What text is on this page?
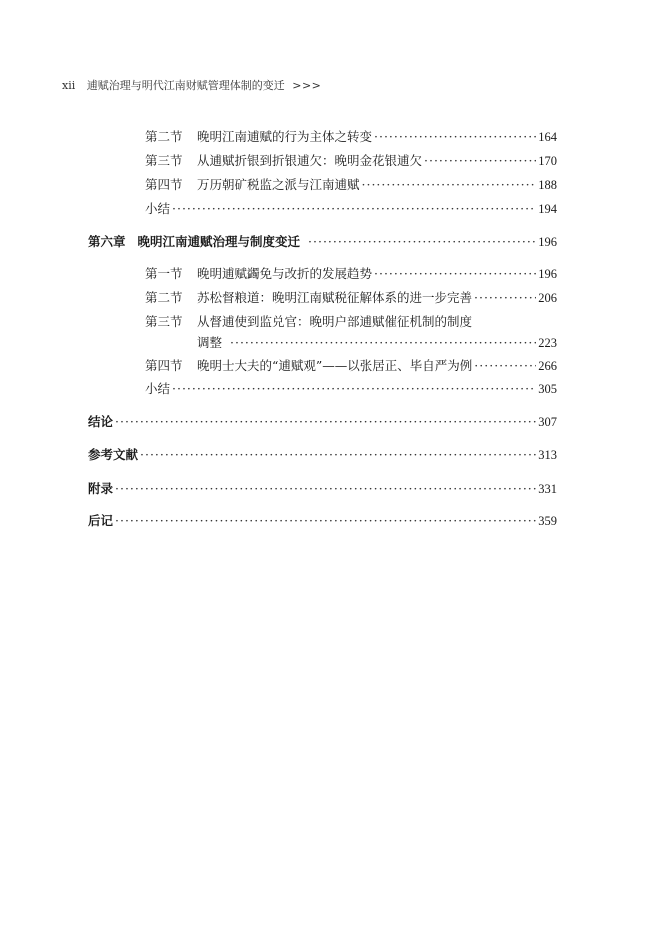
xii 逋赋治理与明代江南财赋管理体制的变迁 >>>
第二节 晚明江南逋赋的行为主体之转变 ·····	164
第三节 从逋赋折银到折银逋欠：晚明金花银逋欠 ·····	170
第四节 万历朝矿税监之派与江南逋赋 ·····	188
小结 ·····	194
第六章 晚明江南逋赋治理与制度变迁 ·····	196
第一节 晚明逋赋蠲免与改折的发展趋势 ·····	196
第二节 苏松督粮道：晚明江南赋税征解体系的进一步完善 ·····	206
第三节 从督逋使到监兑官：晚明户部逋赋催征机制的制度
调整 ·····	223
第四节 晚明士大夫的“逋赋观”——以张居正、毕自严为例 ·····	266
小结 ·····	305
结论 ·····	307
参考文献 ·····	313
附录 ·····	331
后记 ·····	359
